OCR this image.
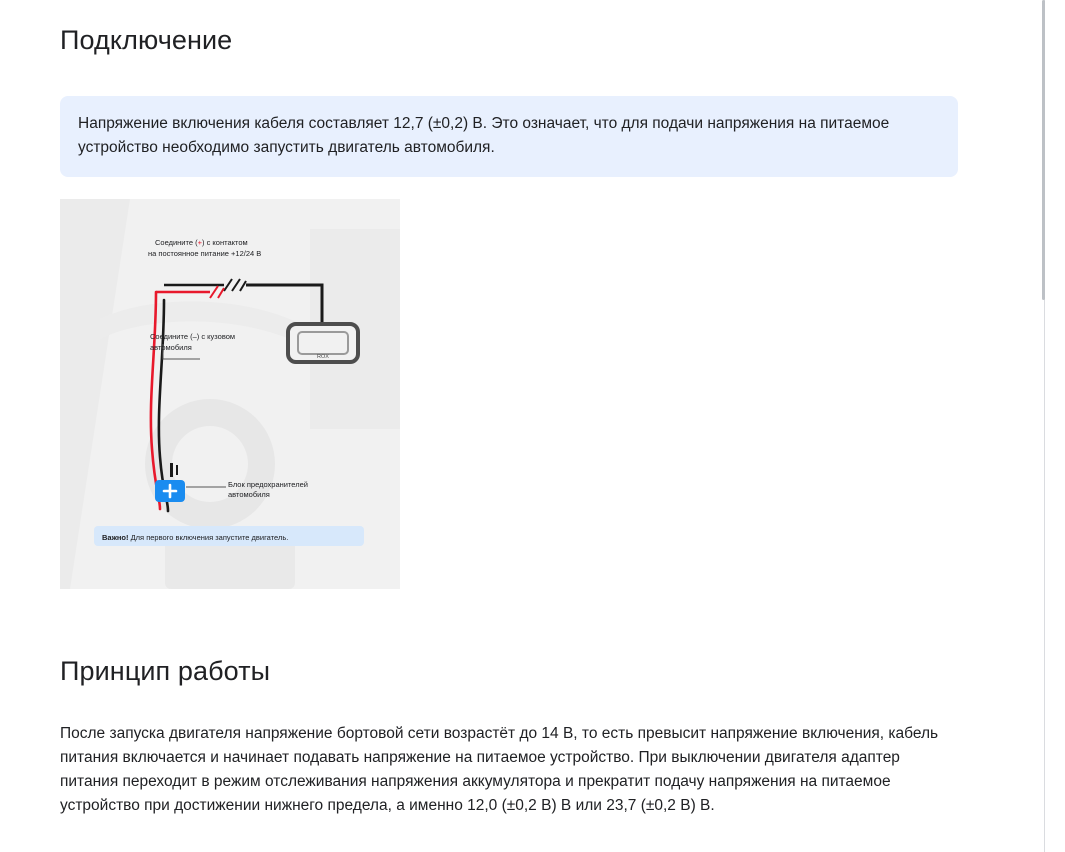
Подключение

Напряжение включения кабеля составляет 12,7 (±0,2) В. Это означает, что для подачи напряжения на питаемое устройство необходимо запустить двигатель автомобиля.

ROX
Соедините (+) с контактом
на постоянное питание +12/24 В
Соедините (–) с кузовом
автомобиля
Блок предохранителей
автомобиля
Важно! Для первого включения запустите двигатель.
Принцип работы

После запуска двигателя напряжение бортовой сети возрастёт до 14 В, то есть превысит напряжение включения, кабель питания включается и начинает подавать напряжение на питаемое устройство. При выключении двигателя адаптер питания переходит в режим отслеживания напряжения аккумулятора и прекратит подачу напряжения на питаемое устройство при достижении нижнего предела, а именно 12,0 (±0,2 В) В или 23,7 (±0,2 В) В.
